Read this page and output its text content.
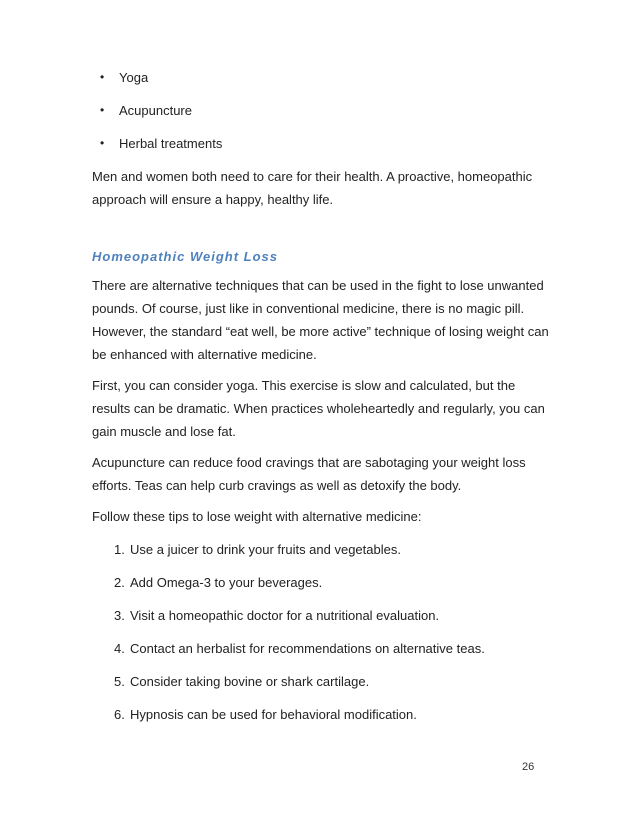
• Yoga
• Acupuncture
• Herbal treatments

Men and women both need to care for their health. A proactive, homeopathic approach will ensure a happy, healthy life.

Homeopathic Weight Loss

There are alternative techniques that can be used in the fight to lose unwanted pounds. Of course, just like in conventional medicine, there is no magic pill. However, the standard “eat well, be more active” technique of losing weight can be enhanced with alternative medicine.

First, you can consider yoga. This exercise is slow and calculated, but the results can be dramatic. When practices wholeheartedly and regularly, you can gain muscle and lose fat.

Acupuncture can reduce food cravings that are sabotaging your weight loss efforts. Teas can help curb cravings as well as detoxify the body.

Follow these tips to lose weight with alternative medicine:

1. Use a juicer to drink your fruits and vegetables.
2. Add Omega-3 to your beverages.
3. Visit a homeopathic doctor for a nutritional evaluation.
4. Contact an herbalist for recommendations on alternative teas.
5. Consider taking bovine or shark cartilage.
6. Hypnosis can be used for behavioral modification.
26
